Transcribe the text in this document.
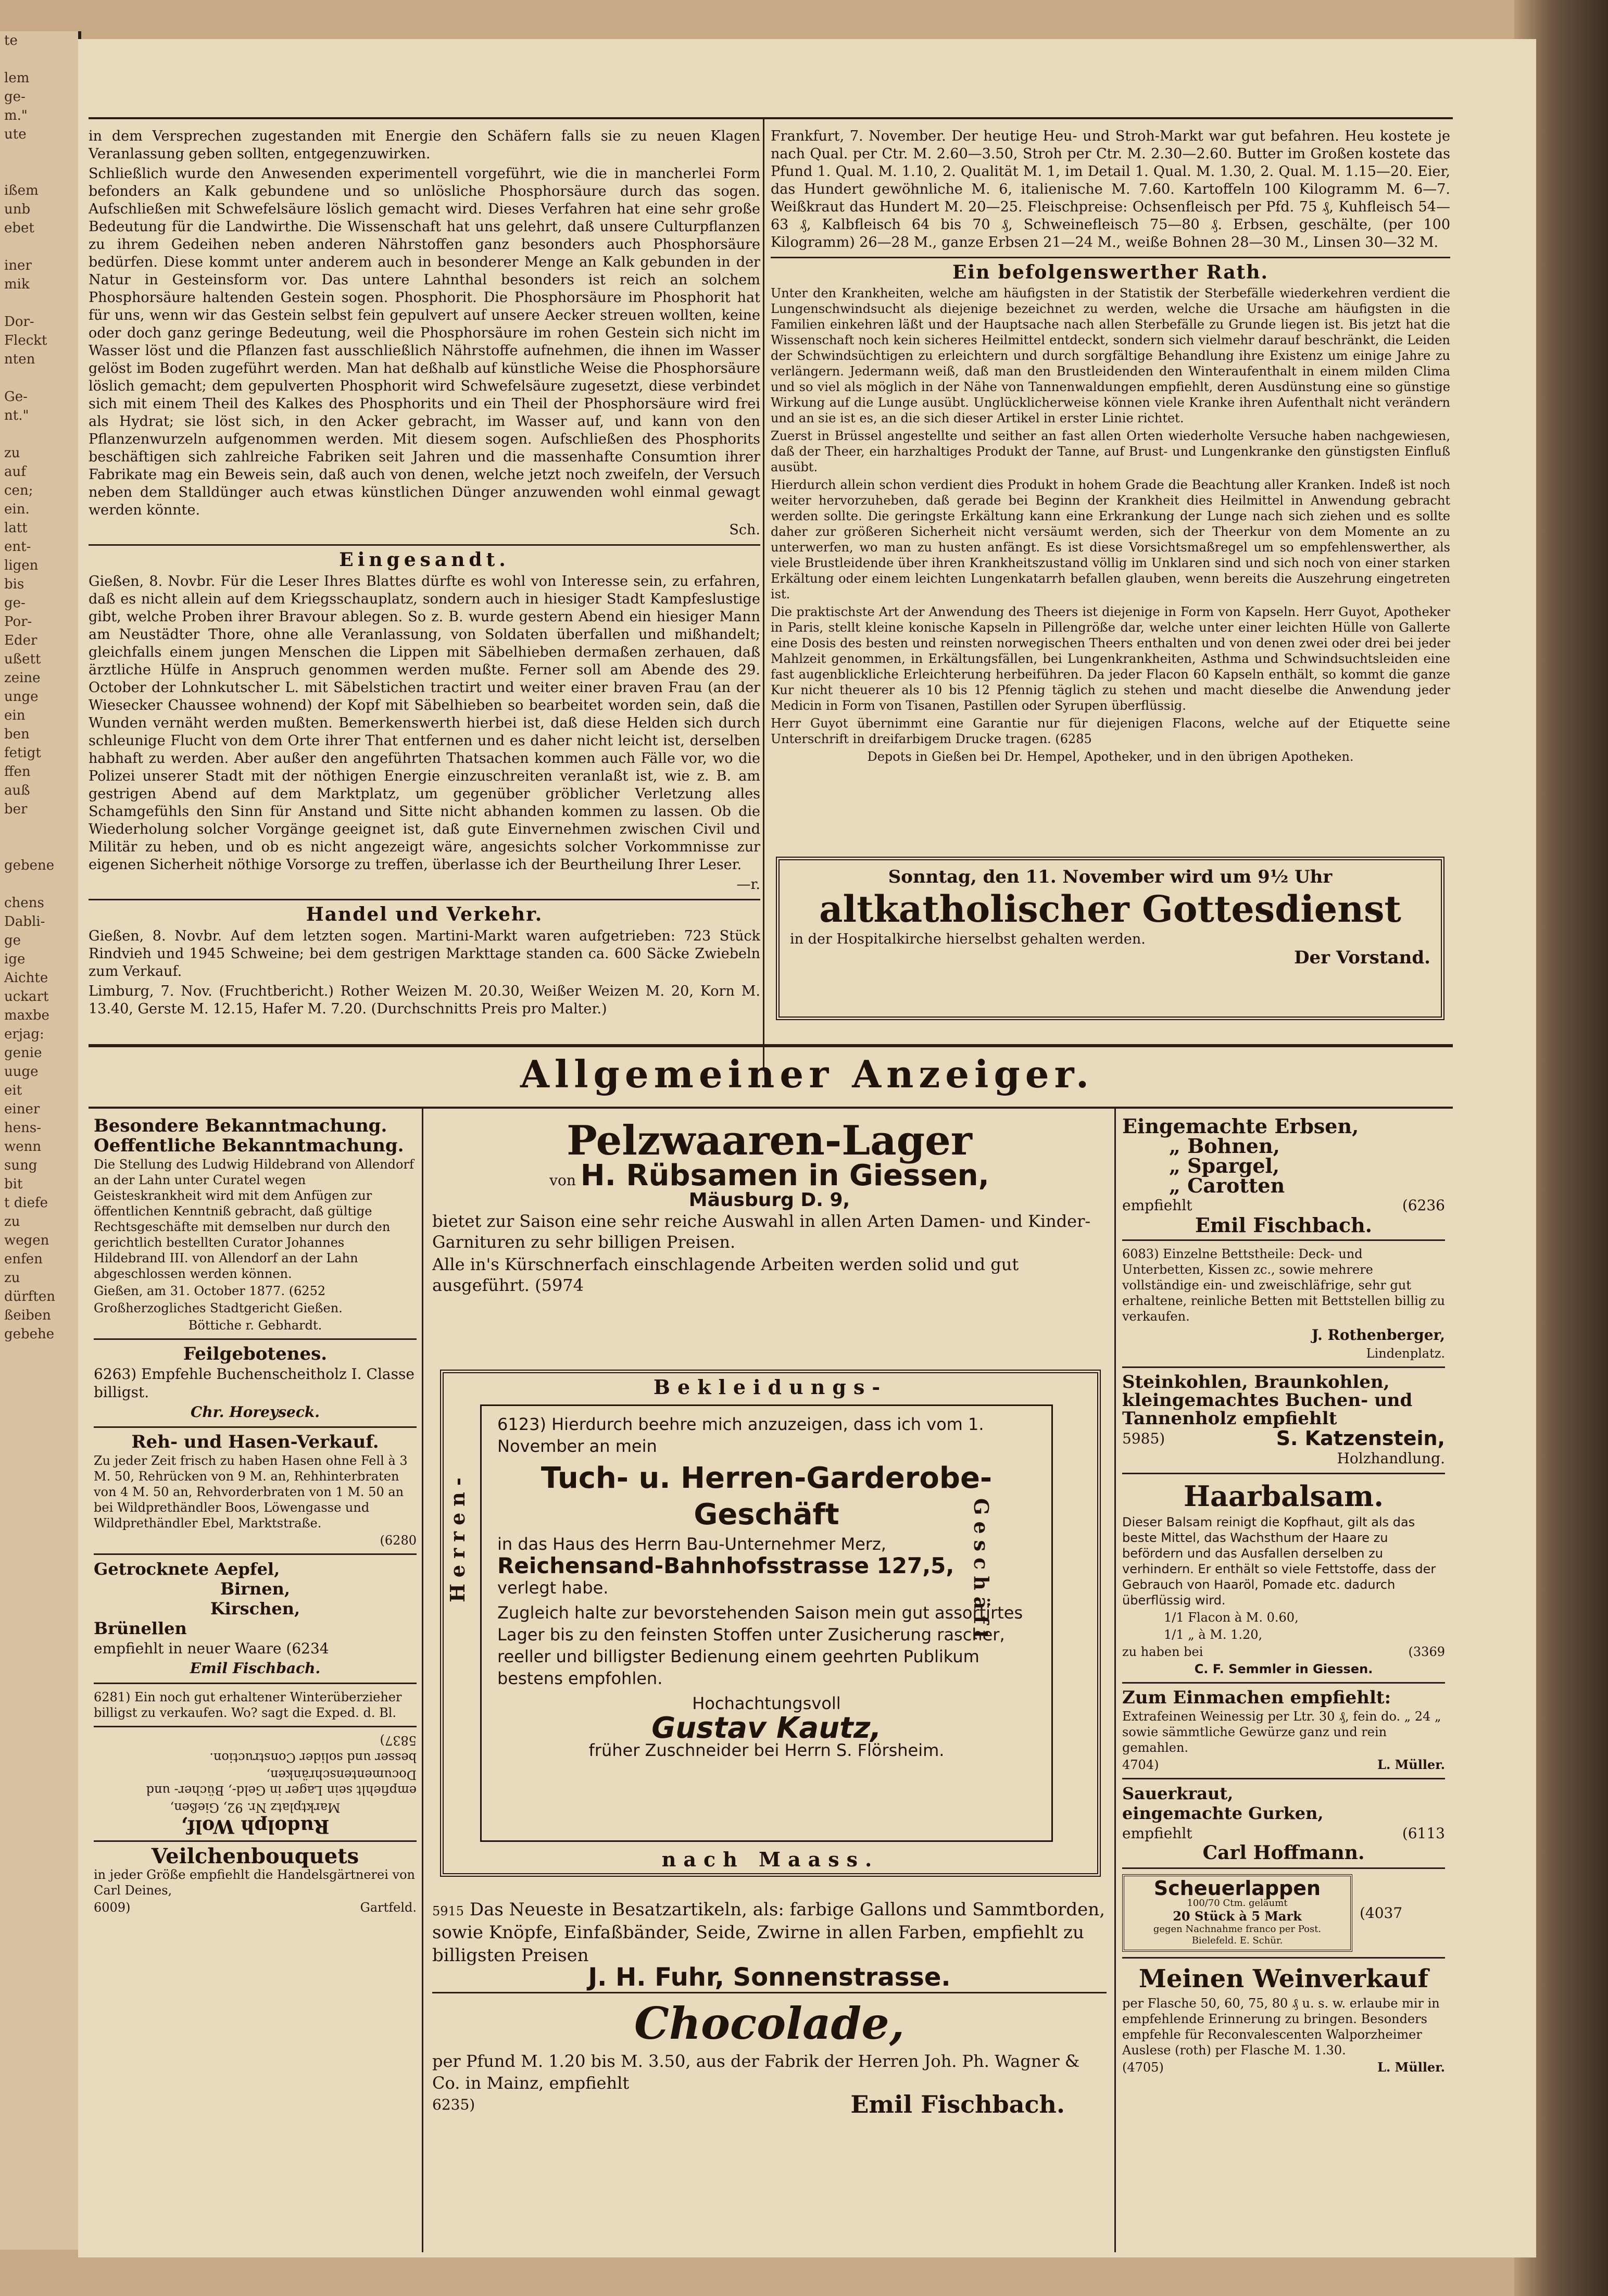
te

lem
ge-
m."
ute

ißem
unb
ebet

iner
mik

Dor-
Fleckt
nten

Ge-
nt."

zu
auf
cen;
ein.
latt
ent-
ligen
bis
ge-
Por-
Eder
ußett
zeine
unge
ein
ben
fetigt
ffen
auß
ber

gebene

chens
Dabli-
ge
ige
Aichte
uckart
maxbe
erjag:
genie
uuge
eit
einer
hens-
wenn
sung
bit
t diefe
zu
wegen
enfen
zu
dürften
ßeiben
gebehe

in dem Versprechen zugestanden mit Energie den Schäfern falls sie zu neuen Klagen Veranlassung geben sollten, entgegenzuwirken.

Schließlich wurde den Anwesenden experimentell vorgeführt, wie die in mancherlei Form befonders an Kalk gebundene und so unlösliche Phosphorsäure durch das sogen. Aufschließen mit Schwefelsäure löslich gemacht wird. Dieses Verfahren hat eine sehr große Bedeutung für die Landwirthe. Die Wissenschaft hat uns gelehrt, daß unsere Culturpflanzen zu ihrem Gedeihen neben anderen Nährstoffen ganz besonders auch Phosphorsäure bedürfen. Diese kommt unter anderem auch in besonderer Menge an Kalk gebunden in der Natur in Gesteinsform vor. Das untere Lahnthal besonders ist reich an solchem Phosphorsäure haltenden Gestein sogen. Phosphorit. Die Phosphorsäure im Phosphorit hat für uns, wenn wir das Gestein selbst fein gepulvert auf unsere Aecker streuen wollten, keine oder doch ganz geringe Bedeutung, weil die Phosphorsäure im rohen Gestein sich nicht im Wasser löst und die Pflanzen fast ausschließlich Nährstoffe aufnehmen, die ihnen im Wasser gelöst im Boden zugeführt werden. Man hat deßhalb auf künstliche Weise die Phosphorsäure löslich gemacht; dem gepulverten Phosphorit wird Schwefelsäure zugesetzt, diese verbindet sich mit einem Theil des Kalkes des Phosphorits und ein Theil der Phosphorsäure wird frei als Hydrat; sie löst sich, in den Acker gebracht, im Wasser auf, und kann von den Pflanzenwurzeln aufgenommen werden. Mit diesem sogen. Aufschließen des Phosphorits beschäftigen sich zahlreiche Fabriken seit Jahren und die massenhafte Consumtion ihrer Fabrikate mag ein Beweis sein, daß auch von denen, welche jetzt noch zweifeln, der Versuch neben dem Stalldünger auch etwas künstlichen Dünger anzuwenden wohl einmal gewagt werden könnte.

Sch.

Eingesandt.

Gießen, 8. Novbr. Für die Leser Ihres Blattes dürfte es wohl von Interesse sein, zu erfahren, daß es nicht allein auf dem Kriegsschauplatz, sondern auch in hiesiger Stadt Kampfeslustige gibt, welche Proben ihrer Bravour ablegen. So z. B. wurde gestern Abend ein hiesiger Mann am Neustädter Thore, ohne alle Veranlassung, von Soldaten überfallen und mißhandelt; gleichfalls einem jungen Menschen die Lippen mit Säbelhieben dermaßen zerhauen, daß ärztliche Hülfe in Anspruch genommen werden mußte. Ferner soll am Abende des 29. October der Lohnkutscher L. mit Säbelstichen tractirt und weiter einer braven Frau (an der Wiesecker Chaussee wohnend) der Kopf mit Säbelhieben so bearbeitet worden sein, daß die Wunden vernäht werden mußten. Bemerkenswerth hierbei ist, daß diese Helden sich durch schleunige Flucht von dem Orte ihrer That entfernen und es daher nicht leicht ist, derselben habhaft zu werden. Aber außer den angeführten Thatsachen kommen auch Fälle vor, wo die Polizei unserer Stadt mit der nöthigen Energie einzuschreiten veranlaßt ist, wie z. B. am gestrigen Abend auf dem Marktplatz, um gegenüber gröblicher Verletzung alles Schamgefühls den Sinn für Anstand und Sitte nicht abhanden kommen zu lassen. Ob die Wiederholung solcher Vorgänge geeignet ist, daß gute Einvernehmen zwischen Civil und Militär zu heben, und ob es nicht angezeigt wäre, angesichts solcher Vorkommnisse zur eigenen Sicherheit nöthige Vorsorge zu treffen, überlasse ich der Beurtheilung Ihrer Leser.

—r.

Handel und Verkehr.

Gießen, 8. Novbr. Auf dem letzten sogen. Martini-Markt waren aufgetrieben: 723 Stück Rindvieh und 1945 Schweine; bei dem gestrigen Markttage standen ca. 600 Säcke Zwiebeln zum Verkauf.

Limburg, 7. Nov. (Fruchtbericht.) Rother Weizen M. 20.30, Weißer Weizen M. 20, Korn M. 13.40, Gerste M. 12.15, Hafer M. 7.20. (Durchschnitts Preis pro Malter.)

Frankfurt, 7. November. Der heutige Heu- und Stroh-Markt war gut befahren. Heu kostete je nach Qual. per Ctr. M. 2.60—3.50, Stroh per Ctr. M. 2.30—2.60. Butter im Großen kostete das Pfund 1. Qual. M. 1.10, 2. Qualität M. 1, im Detail 1. Qual. M. 1.30, 2. Qual. M. 1.15—20. Eier, das Hundert gewöhnliche M. 6, italienische M. 7.60. Kartoffeln 100 Kilogramm M. 6—7. Weißkraut das Hundert M. 20—25. Fleischpreise: Ochsenfleisch per Pfd. 75 ₰, Kuhfleisch 54—63 ₰, Kalbfleisch 64 bis 70 ₰, Schweinefleisch 75—80 ₰. Erbsen, geschälte, (per 100 Kilogramm) 26—28 M., ganze Erbsen 21—24 M., weiße Bohnen 28—30 M., Linsen 30—32 M.

Ein befolgenswerther Rath.

Unter den Krankheiten, welche am häufigsten in der Statistik der Sterbefälle wiederkehren verdient die Lungenschwindsucht als diejenige bezeichnet zu werden, welche die Ursache am häufigsten in die Familien einkehren läßt und der Hauptsache nach allen Sterbefälle zu Grunde liegen ist. Bis jetzt hat die Wissenschaft noch kein sicheres Heilmittel entdeckt, sondern sich vielmehr darauf beschränkt, die Leiden der Schwindsüchtigen zu erleichtern und durch sorgfältige Behandlung ihre Existenz um einige Jahre zu verlängern. Jedermann weiß, daß man den Brustleidenden den Winteraufenthalt in einem milden Clima und so viel als möglich in der Nähe von Tannenwaldungen empfiehlt, deren Ausdünstung eine so günstige Wirkung auf die Lunge ausübt. Unglücklicherweise können viele Kranke ihren Aufenthalt nicht verändern und an sie ist es, an die sich dieser Artikel in erster Linie richtet.

Zuerst in Brüssel angestellte und seither an fast allen Orten wiederholte Versuche haben nachgewiesen, daß der Theer, ein harzhaltiges Produkt der Tanne, auf Brust- und Lungenkranke den günstigsten Einfluß ausübt.

Hierdurch allein schon verdient dies Produkt in hohem Grade die Beachtung aller Kranken. Indeß ist noch weiter hervorzuheben, daß gerade bei Beginn der Krankheit dies Heilmittel in Anwendung gebracht werden sollte. Die geringste Erkältung kann eine Erkrankung der Lunge nach sich ziehen und es sollte daher zur größeren Sicherheit nicht versäumt werden, sich der Theerkur von dem Momente an zu unterwerfen, wo man zu husten anfängt. Es ist diese Vorsichtsmaßregel um so empfehlenswerther, als viele Brustleidende über ihren Krankheitszustand völlig im Unklaren sind und sich noch von einer starken Erkältung oder einem leichten Lungenkatarrh befallen glauben, wenn bereits die Auszehrung eingetreten ist.

Die praktischste Art der Anwendung des Theers ist diejenige in Form von Kapseln. Herr Guyot, Apotheker in Paris, stellt kleine konische Kapseln in Pillengröße dar, welche unter einer leichten Hülle von Gallerte eine Dosis des besten und reinsten norwegischen Theers enthalten und von denen zwei oder drei bei jeder Mahlzeit genommen, in Erkältungsfällen, bei Lungenkrankheiten, Asthma und Schwindsuchtsleiden eine fast augenblickliche Erleichterung herbeiführen. Da jeder Flacon 60 Kapseln enthält, so kommt die ganze Kur nicht theuerer als 10 bis 12 Pfennig täglich zu stehen und macht dieselbe die Anwendung jeder Medicin in Form von Tisanen, Pastillen oder Syrupen überflüssig.

Herr Guyot übernimmt eine Garantie nur für diejenigen Flacons, welche auf der Etiquette seine Unterschrift in dreifarbigem Drucke tragen. (6285

Depots in Gießen bei Dr. Hempel, Apotheker, und in den übrigen Apotheken.

Sonntag, den 11. November wird um 9½ Uhr
altkatholischer Gottesdienst
in der Hospitalkirche hierselbst gehalten werden.
Der Vorstand.
Allgemeiner Anzeiger.

Besondere Bekanntmachung.

Oeffentliche Bekanntmachung.

Die Stellung des Ludwig Hildebrand von Allendorf an der Lahn unter Curatel wegen Geisteskrankheit wird mit dem Anfügen zur öffentlichen Kenntniß gebracht, daß gültige Rechtsgeschäfte mit demselben nur durch den gerichtlich bestellten Curator Johannes Hildebrand III. von Allendorf an der Lahn abgeschlossen werden können.

Gießen, am 31. October 1877. (6252

Großherzogliches Stadtgericht Gießen.

Böttiche r. Gebhardt.

Feilgebotenes.

6263) Empfehle Buchenscheitholz I. Classe billigst.

Chr. Horeyseck.

Reh- und Hasen-Verkauf.

Zu jeder Zeit frisch zu haben Hasen ohne Fell à 3 M. 50, Rehrücken von 9 M. an, Rehhinterbraten von 4 M. 50 an, Rehvorderbraten von 1 M. 50 an bei Wildprethändler Boos, Löwengasse und Wildprethändler Ebel, Marktstraße.

(6280

Getrocknete Aepfel,

Birnen,

Kirschen,

Brünellen

empfiehlt in neuer Waare (6234

Emil Fischbach.

6281) Ein noch gut erhaltener Winterüberzieher billigst zu verkaufen. Wo? sagt die Exped. d. Bl.

Rudolph Wolf,

Marktplatz Nr. 92, Gießen,

empfiehlt sein Lager in Geld-, Bücher- und Documentenschränken,

besser und solider Construction.

5837)

Veilchenbouquets

in jeder Größe empfiehlt die Handelsgärtnerei von Carl Deines,

6009)	Gartfeld.

Pelzwaaren-Lager

von H. Rübsamen in Giessen,

Mäusburg D. 9,

bietet zur Saison eine sehr reiche Auswahl in allen Arten Damen- und Kinder-Garnituren zu sehr billigen Preisen.

Alle in's Kürschnerfach einschlagende Arbeiten werden solid und gut ausgeführt. (5974

Bekleidungs-
Herren-	Geschäft

6123) Hierdurch beehre mich anzuzeigen, dass ich vom 1. November an mein

Tuch- u. Herren-Garderobe-Geschäft

in das Haus des Herrn Bau-Unternehmer Merz,

Reichensand-Bahnhofsstrasse 127,5,

verlegt habe.

Zugleich halte zur bevorstehenden Saison mein gut assortirtes Lager bis zu den feinsten Stoffen unter Zusicherung rascher, reeller und billigster Bedienung einem geehrten Publikum bestens empfohlen.

Hochachtungsvoll

Gustav Kautz,

früher Zuschneider bei Herrn S. Flörsheim.

nach Maass.

5915 Das Neueste in Besatzartikeln, als: farbige Gallons und Sammtborden, sowie Knöpfe, Einfaßbänder, Seide, Zwirne in allen Farben, empfiehlt zu billigsten Preisen

J. H. Fuhr, Sonnenstrasse.

Chocolade,

per Pfund M. 1.20 bis M. 3.50, aus der Fabrik der Herren Joh. Ph. Wagner & Co. in Mainz, empfiehlt

6235)	Emil Fischbach.

Eingemachte Erbsen,

„ Bohnen,

„ Spargel,

„ Carotten

empfiehlt	(6236

Emil Fischbach.

6083) Einzelne Bettstheile: Deck- und Unterbetten, Kissen zc., sowie mehrere vollständige ein- und zweischläfrige, sehr gut erhaltene, reinliche Betten mit Bettstellen billig zu verkaufen.

J. Rothenberger,

Lindenplatz.

Steinkohlen, Braunkohlen, kleingemachtes Buchen- und Tannenholz empfiehlt

5985)	S. Katzenstein,

Holzhandlung.

Haarbalsam.

Dieser Balsam reinigt die Kopfhaut, gilt als das beste Mittel, das Wachsthum der Haare zu befördern und das Ausfallen derselben zu verhindern. Er enthält so viele Fettstoffe, dass der Gebrauch von Haaröl, Pomade etc. dadurch überflüssig wird.

1/1 Flacon à M. 0.60,

1/1 „ à M. 1.20,

zu haben bei	(3369

C. F. Semmler in Giessen.

Zum Einmachen empfiehlt:

Extrafeinen Weinessig per Ltr. 30 ₰, fein do. „ 24 „ sowie sämmtliche Gewürze ganz und rein gemahlen.

4704)	L. Müller.

Sauerkraut,

eingemachte Gurken,

empfiehlt	(6113

Carl Hoffmann.

Scheuerlappen
100/70 Ctm. geläumt
20 Stück à 5 Mark
gegen Nachnahme franco per Post.
Bielefeld. E. Schür.
(4037

Meinen Weinverkauf

per Flasche 50, 60, 75, 80 ₰ u. s. w. erlaube mir in empfehlende Erinnerung zu bringen. Besonders empfehle für Reconvalescenten Walporzheimer Auslese (roth) per Flasche M. 1.30.

(4705)	L. Müller.
